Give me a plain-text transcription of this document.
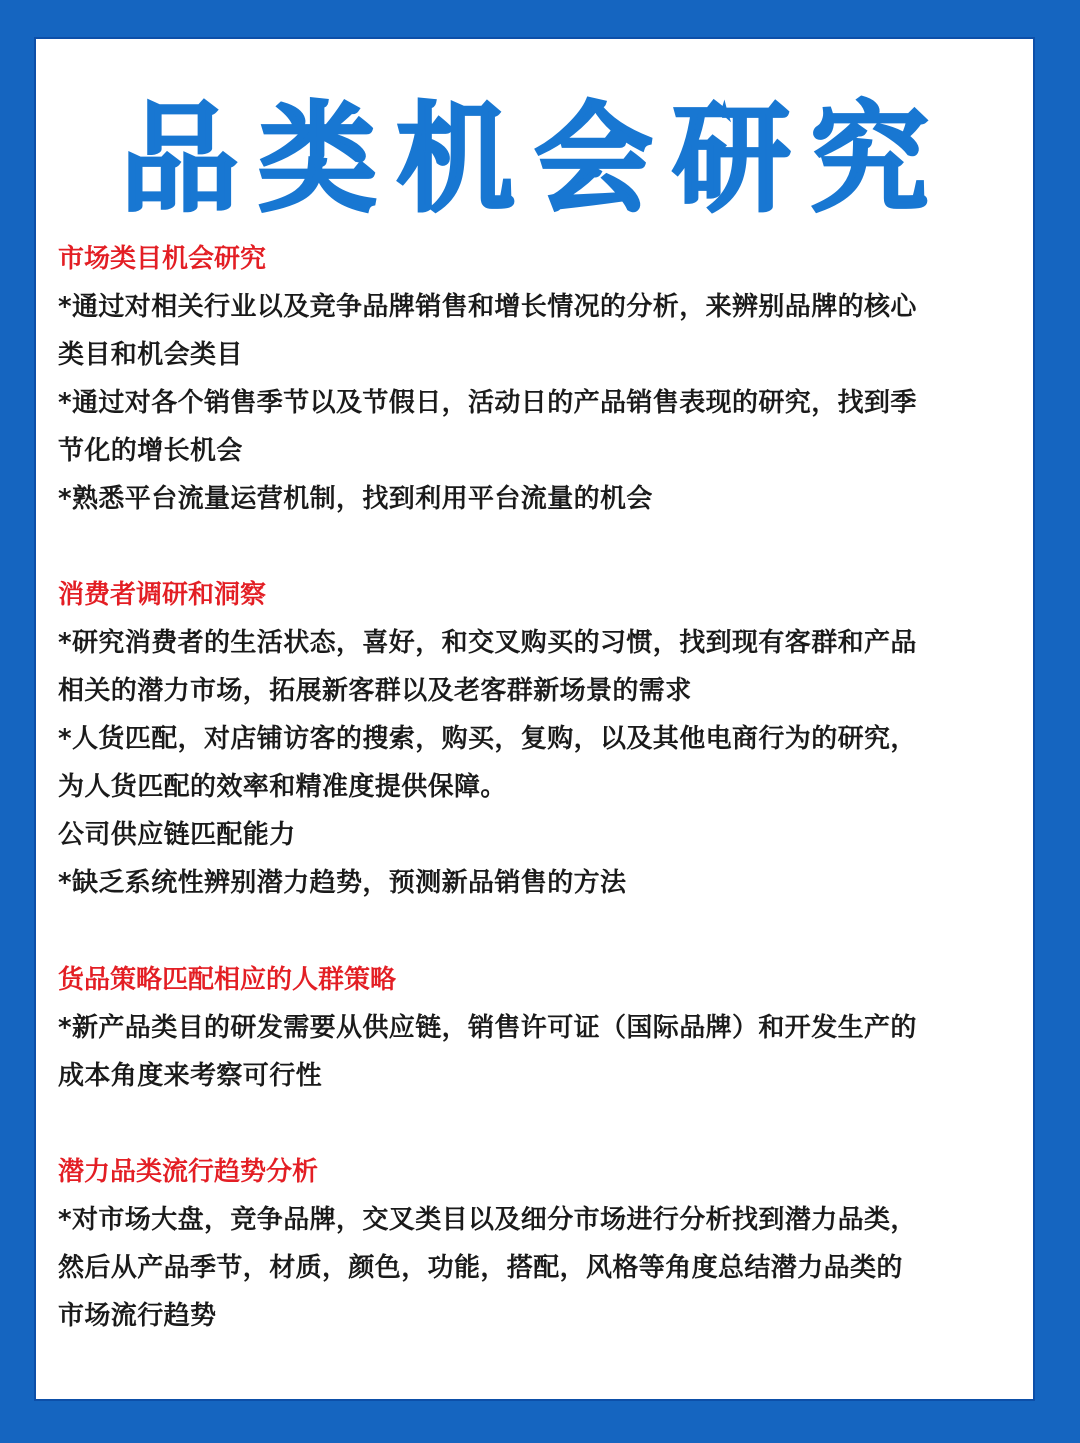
品类机会研究
市场类目机会研究
*通过对相关行业以及竞争品牌销售和增长情况的分析，来辨别品牌的核心
类目和机会类目
*通过对各个销售季节以及节假日，活动日的产品销售表现的研究，找到季
节化的增长机会
*熟悉平台流量运营机制，找到利用平台流量的机会
消费者调研和洞察
*研究消费者的生活状态，喜好，和交叉购买的习惯，找到现有客群和产品
相关的潜力市场，拓展新客群以及老客群新场景的需求
*人货匹配，对店铺访客的搜索，购买，复购，以及其他电商行为的研究，
为人货匹配的效率和精准度提供保障。
公司供应链匹配能力
*缺乏系统性辨别潜力趋势，预测新品销售的方法
货品策略匹配相应的人群策略
*新产品类目的研发需要从供应链，销售许可证（国际品牌）和开发生产的
成本角度来考察可行性
潜力品类流行趋势分析
*对市场大盘，竞争品牌，交叉类目以及细分市场进行分析找到潜力品类，
然后从产品季节，材质，颜色，功能，搭配，风格等角度总结潜力品类的
市场流行趋势
